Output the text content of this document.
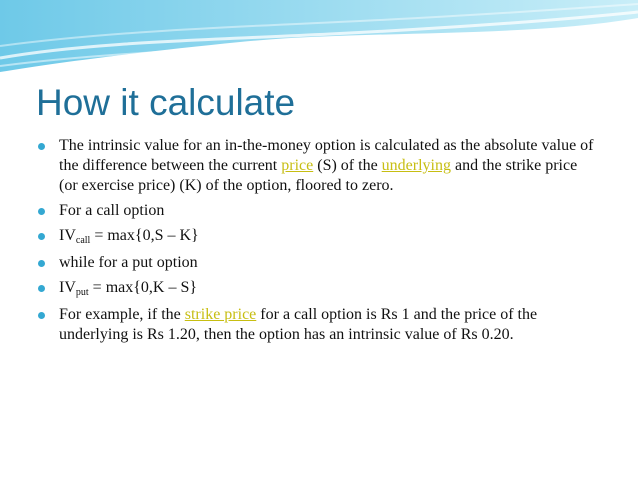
How it calculate
The intrinsic value for an in-the-money option is calculated as the absolute value of the difference between the current price (S) of the underlying and the strike price (or exercise price) (K) of the option, floored to zero.
For a call option
IVcall = max{0,S – K}
while for a put option
IVput = max{0,K – S}
For example, if the strike price for a call option is Rs 1 and the price of the underlying is Rs 1.20, then the option has an intrinsic value of Rs 0.20.
